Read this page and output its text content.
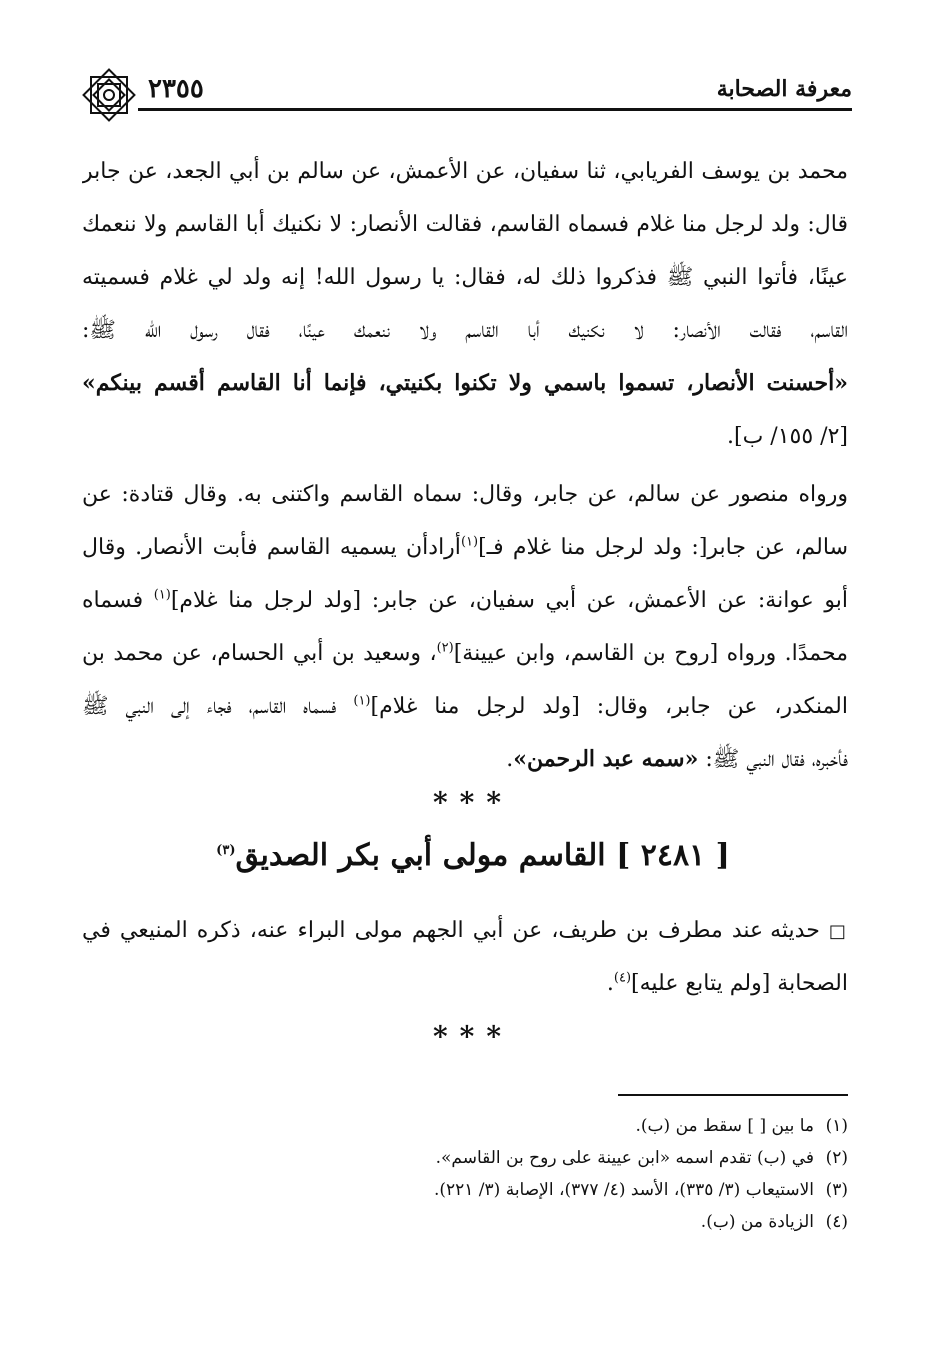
٢٣٥٥	معرفة الصحابة
محمد بن يوسف الفريابي، ثنا سفيان، عن الأعمش، عن سالم بن أبي الجعد، عن جابر
قال: ولد لرجل منا غلام فسماه القاسم، فقالت الأنصار: لا نكنيك أبا القاسم ولا ننعمك
عينًا، فأتوا النبي ﷺ فذكروا ذلك له، فقال: يا رسول الله! إنه ولد لي غلام فسميته
القاسم، فقالت الأنصار: لا نكنيك أبا القاسم ولا ننعمك عينًا، فقال رسول الله ﷺ:
«أحسنت الأنصار، تسموا باسمي ولا تكنوا بكنيتي، فإنما أنا القاسم أقسم بينكم»
[٢/ ١٥٥/ ب].
ورواه منصور عن سالم، عن جابر، وقال: سماه القاسم واكتنى به. وقال قتادة: عن
سالم، عن جابر[: ولد لرجل منا غلام فـ]$^{(١)}$أرادأن يسميه القاسم فأبت الأنصار. وقال
أبو عوانة: عن الأعمش، عن أبي سفيان، عن جابر: [ولد لرجل منا غلام]$^{(١)}$ فسماه
محمدًا. ورواه [روح بن القاسم، وابن عيينة]$^{(٢)}$، وسعيد بن أبي الحسام، عن محمد بن
المنكدر، عن جابر، وقال: [ولد لرجل منا غلام]$^{(١)}$ فسماه القاسم، فجاء إلى النبي ﷺ
فأخبره، فقال النبي ﷺ: «سمه عبد الرحمن».
***
[ ٢٤٨١ ] القاسم مولى أبي بكر الصديق$^{(٣)}$
□ حديثه عند مطرف بن طريف، عن أبي الجهم مولى البراء عنه، ذكره المنيعي في
الصحابة [ولم يتابع عليه]$^{(٤)}$.
***
(١)ما بين [ ] سقط من (ب).
(٢)في (ب) تقدم اسمه «ابن عيينة على روح بن القاسم».
(٣)الاستيعاب (٣/ ٣٣٥)، الأسد (٤/ ٣٧٧)، الإصابة (٣/ ٢٢١).
(٤)الزيادة من (ب).
